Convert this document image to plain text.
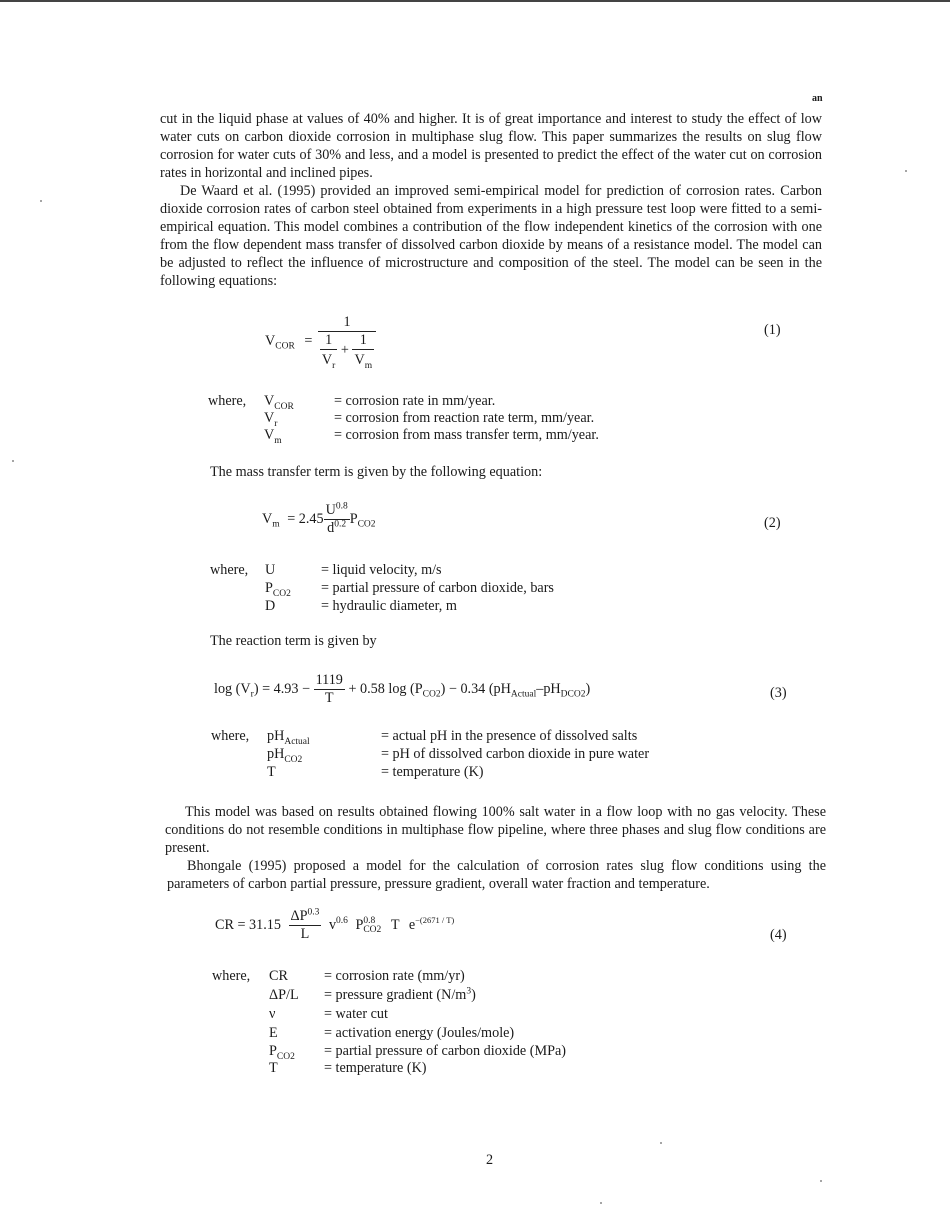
an

cut in the liquid phase at values of 40% and higher. It is of great importance and interest to study the effect of low water cuts on carbon dioxide corrosion in multiphase slug flow. This paper summarizes the results on slug flow corrosion for water cuts of 30% and less, and a model is presented to predict the effect of the water cut on corrosion rates in horizontal and inclined pipes.

De Waard et al. (1995) provided an improved semi-empirical model for prediction of corrosion rates. Carbon dioxide corrosion rates of carbon steel obtained from experiments in a high pressure test loop were fitted to a semi-empirical equation. This model combines a contribution of the flow independent kinetics of the corrosion with one from the flow dependent mass transfer of dissolved carbon dioxide by means of a resistance model. The model can be adjusted to reflect the influence of microstructure and composition of the steel. The model can be seen in the following equations:

$V_{COR} = \frac{1}{\frac{1}{V_r} + \frac{1}{V_m}}$	(1)
where, $V_{COR}$	= corrosion rate in mm/year.
$V_r$	= corrosion from reaction rate term, mm/year.
$V_m$	= corrosion from mass transfer term, mm/year.

The mass transfer term is given by the following equation:

$V_m = 2.45 \frac{U^{0.8}}{d^{0.2}} P_{CO2}$	(2)
where, U	= liquid velocity, m/s
$P_{CO2}$ = partial pressure of carbon dioxide, bars
D	= hydraulic diameter, m

The reaction term is given by

$\log (V_r) = 4.93 - \frac{1119}{T} + 0.58$ $\log (P_{CO2}) - 0.34$ $(pH_{Actual}-pH_{DCO2})$	(3)
where, $pH_{Actual}$	= actual pH in the presence of dissolved salts
$pH_{CO2}$	= pH of dissolved carbon dioxide in pure water
T	= temperature (K)

This model was based on results obtained flowing 100% salt water in a flow loop with no gas velocity. These conditions do not resemble conditions in multiphase flow pipeline, where three phases and slug flow conditions are present.

Bhongale (1995) proposed a model for the calculation of corrosion rates slug flow conditions using the parameters of carbon partial pressure, pressure gradient, overall water fraction and temperature.

CR = $31.15 \frac{\Delta P^{0.3}}{L} v^{0.6}$ P 0.8
CO2 T $e^{-(2671 / T)}$
(4)
where, CR	= corrosion rate (mm/yr)
ΔP/L = pressure gradient $(N/m^3)$
ν	= water cut
E	= activation energy (Joules/mole)
$P_{CO2}$ = partial pressure of carbon dioxide (MPa)
T	= temperature (K)
2
